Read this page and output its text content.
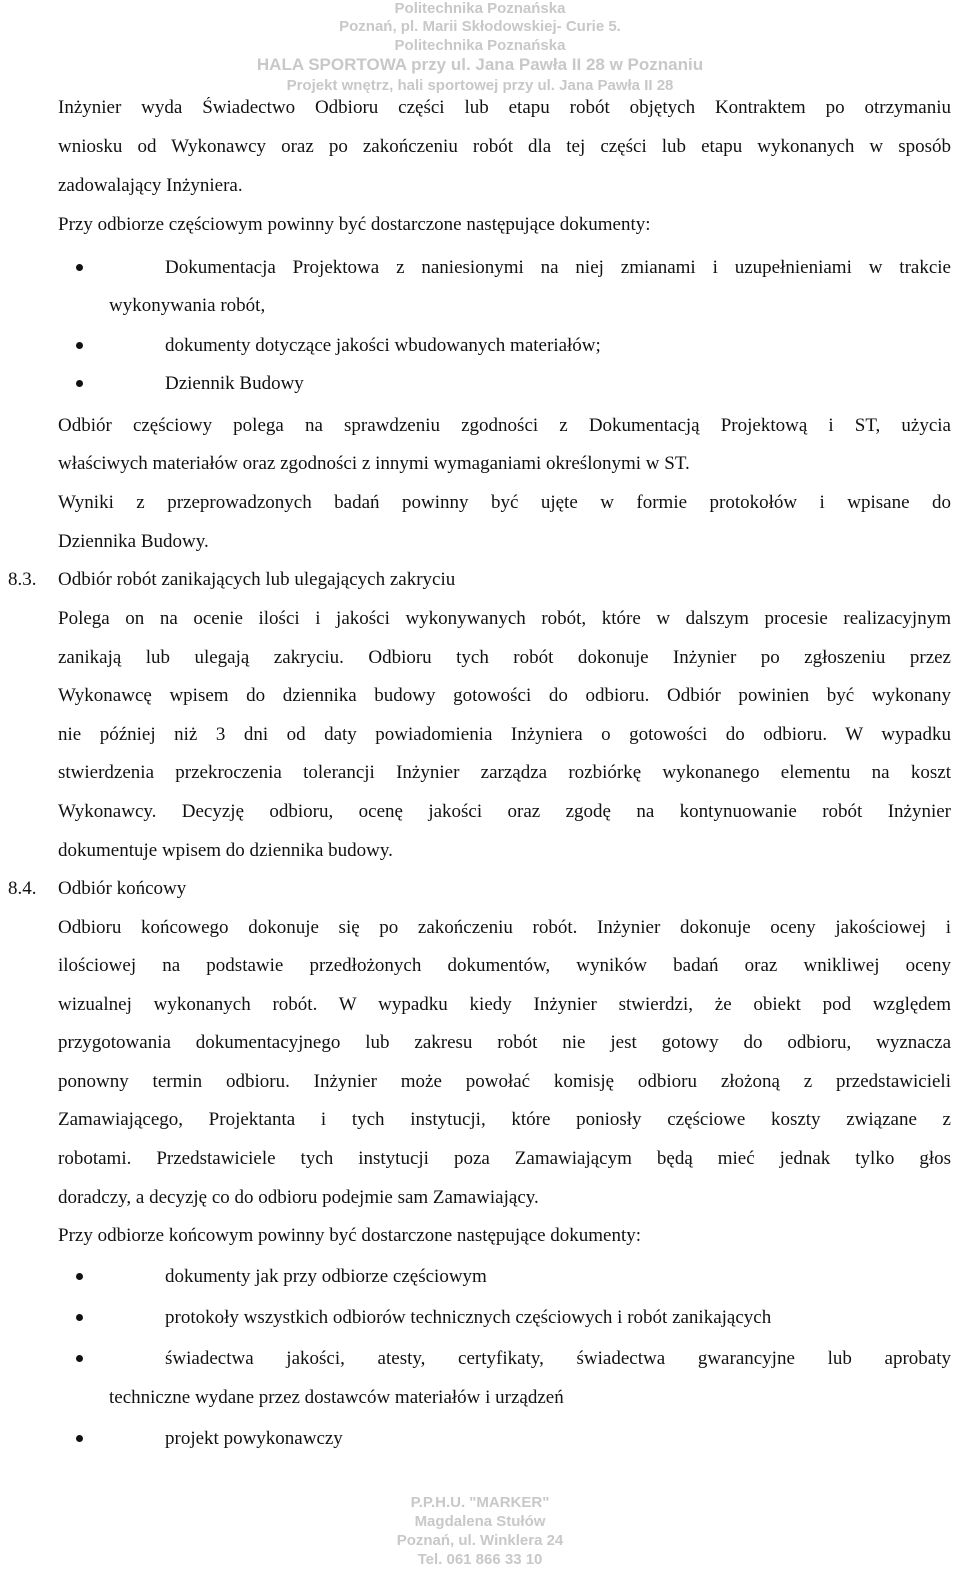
Politechnika Poznańska
Poznań, pl. Marii Skłodowskiej- Curie 5.
Politechnika Poznańska
HALA SPORTOWA przy ul. Jana Pawła II 28 w Poznaniu
Projekt wnętrz, hali sportowej przy ul. Jana Pawła II 28
Inżynier wyda Świadectwo Odbioru części lub etapu robót objętych Kontraktem po otrzymaniu
wniosku od Wykonawcy oraz po zakończeniu robót dla tej części lub etapu wykonanych w sposób
zadowalający Inżyniera.
Przy odbiorze częściowym powinny być dostarczone następujące dokumenty:
Dokumentacja Projektowa z naniesionymi na niej zmianami i uzupełnieniami w trakcie
wykonywania robót,
dokumenty dotyczące jakości wbudowanych materiałów;
Dziennik Budowy
Odbiór częściowy polega na sprawdzeniu zgodności z Dokumentacją Projektową i ST, użycia
właściwych materiałów oraz zgodności z innymi wymaganiami określonymi w ST.
Wyniki z przeprowadzonych badań powinny być ujęte w formie protokołów i wpisane do
Dziennika Budowy.
8.3. Odbiór robót zanikających lub ulegających zakryciu
Polega on na ocenie ilości i jakości wykonywanych robót, które w dalszym procesie realizacyjnym
zanikają lub ulegają zakryciu. Odbioru tych robót dokonuje Inżynier po zgłoszeniu przez
Wykonawcę wpisem do dziennika budowy gotowości do odbioru. Odbiór powinien być wykonany
nie później niż 3 dni od daty powiadomienia Inżyniera o gotowości do odbioru. W wypadku
stwierdzenia przekroczenia tolerancji Inżynier zarządza rozbiórkę wykonanego elementu na koszt
Wykonawcy. Decyzję odbioru, ocenę jakości oraz zgodę na kontynuowanie robót Inżynier
dokumentuje wpisem do dziennika budowy.
8.4. Odbiór końcowy
Odbioru końcowego dokonuje się po zakończeniu robót. Inżynier dokonuje oceny jakościowej i
ilościowej na podstawie przedłożonych dokumentów, wyników badań oraz wnikliwej oceny
wizualnej wykonanych robót. W wypadku kiedy Inżynier stwierdzi, że obiekt pod względem
przygotowania dokumentacyjnego lub zakresu robót nie jest gotowy do odbioru, wyznacza
ponowny termin odbioru. Inżynier może powołać komisję odbioru złożoną z przedstawicieli
Zamawiającego, Projektanta i tych instytucji, które poniosły częściowe koszty związane z
robotami. Przedstawiciele tych instytucji poza Zamawiającym będą mieć jednak tylko głos
doradczy, a decyzję co do odbioru podejmie sam Zamawiający.
Przy odbiorze końcowym powinny być dostarczone następujące dokumenty:
dokumenty jak przy odbiorze częściowym
protokoły wszystkich odbiorów technicznych częściowych i robót zanikających
świadectwa jakości, atesty, certyfikaty, świadectwa gwarancyjne lub aprobaty
techniczne wydane przez dostawców materiałów i urządzeń
projekt powykonawczy
P.P.H.U. "MARKER"
Magdalena Stułów
Poznań, ul. Winklera 24
Tel. 061 866 33 10
